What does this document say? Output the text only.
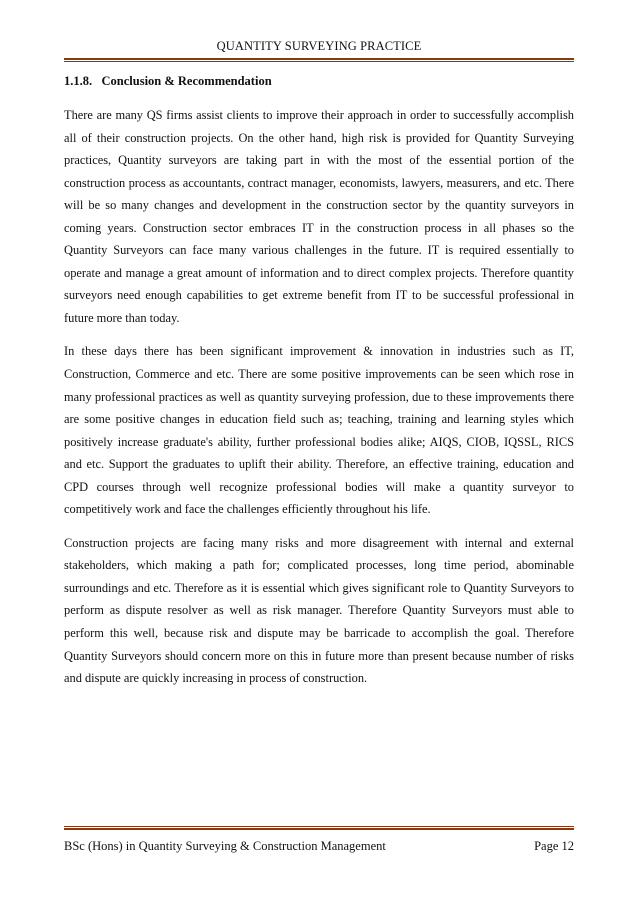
QUANTITY SURVEYING PRACTICE
1.1.8.   Conclusion & Recommendation

There are many QS firms assist clients to improve their approach in order to successfully accomplish all of their construction projects. On the other hand, high risk is provided for Quantity Surveying practices, Quantity surveyors are taking part in with the most of the essential portion of the construction process as accountants, contract manager, economists, lawyers, measurers, and etc. There will be so many changes and development in the construction sector by the quantity surveyors in coming years. Construction sector embraces IT in the construction process in all phases so the Quantity Surveyors can face many various challenges in the future. IT is required essentially to operate and manage a great amount of information and to direct complex projects. Therefore quantity surveyors need enough capabilities to get extreme benefit from IT to be successful professional in future more than today.

In these days there has been significant improvement & innovation in industries such as IT, Construction, Commerce and etc. There are some positive improvements can be seen which rose in many professional practices as well as quantity surveying profession, due to these improvements there are some positive changes in education field such as; teaching, training and learning styles which positively increase graduate's ability, further professional bodies alike; AIQS, CIOB, IQSSL, RICS and etc. Support the graduates to uplift their ability. Therefore, an effective training, education and CPD courses through well recognize professional bodies will make a quantity surveyor to competitively work and face the challenges efficiently throughout his life.

Construction projects are facing many risks and more disagreement with internal and external stakeholders, which making a path for; complicated processes, long time period, abominable surroundings and etc. Therefore as it is essential which gives significant role to Quantity Surveyors to perform as dispute resolver as well as risk manager. Therefore Quantity Surveyors must able to perform this well, because risk and dispute may be barricade to accomplish the goal. Therefore Quantity Surveyors should concern more on this in future more than present because number of risks and dispute are quickly increasing in process of construction.

BSc (Hons) in Quantity Surveying & Construction Management	Page 12
